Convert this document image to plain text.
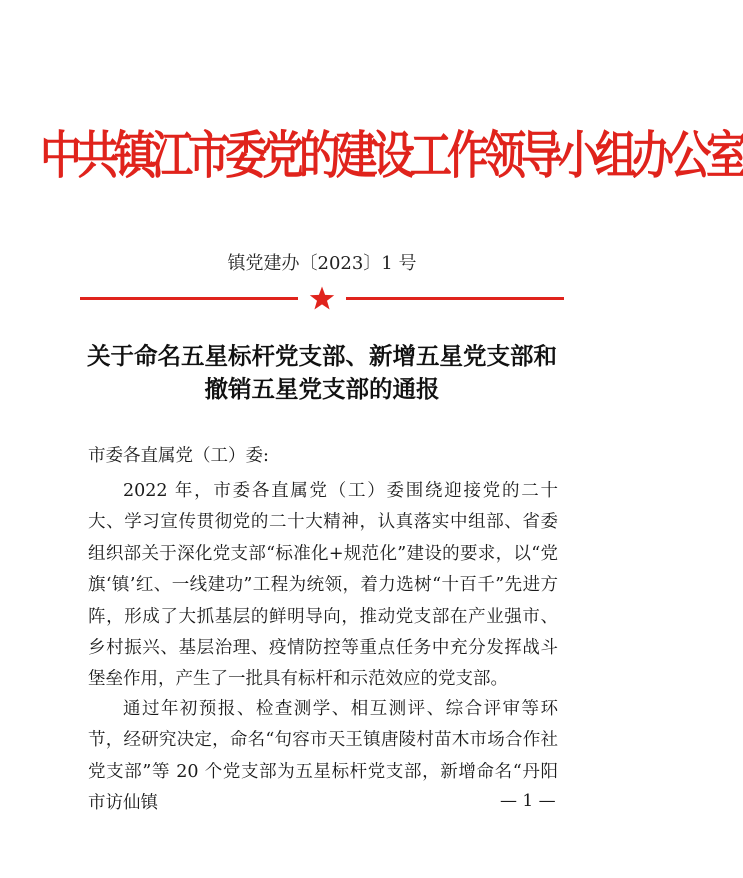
中共镇江市委党的建设工作领导小组办公室
镇党建办〔2023〕1 号
关于命名五星标杆党支部、新增五星党支部和
撤销五星党支部的通报
市委各直属党（工）委:

2022 年，市委各直属党（工）委围绕迎接党的二十大、学习宣传贯彻党的二十大精神，认真落实中组部、省委组织部关于深化党支部“标准化+规范化”建设的要求，以“党旗‘镇’红、一线建功”工程为统领，着力选树“十百千”先进方阵，形成了大抓基层的鲜明导向，推动党支部在产业强市、乡村振兴、基层治理、疫情防控等重点任务中充分发挥战斗堡垒作用，产生了一批具有标杆和示范效应的党支部。

通过年初预报、检查测学、相互测评、综合评审等环节，经研究决定，命名“句容市天王镇唐陵村苗木市场合作社党支部”等 20 个党支部为五星标杆党支部，新增命名“丹阳市访仙镇	— 1 —
